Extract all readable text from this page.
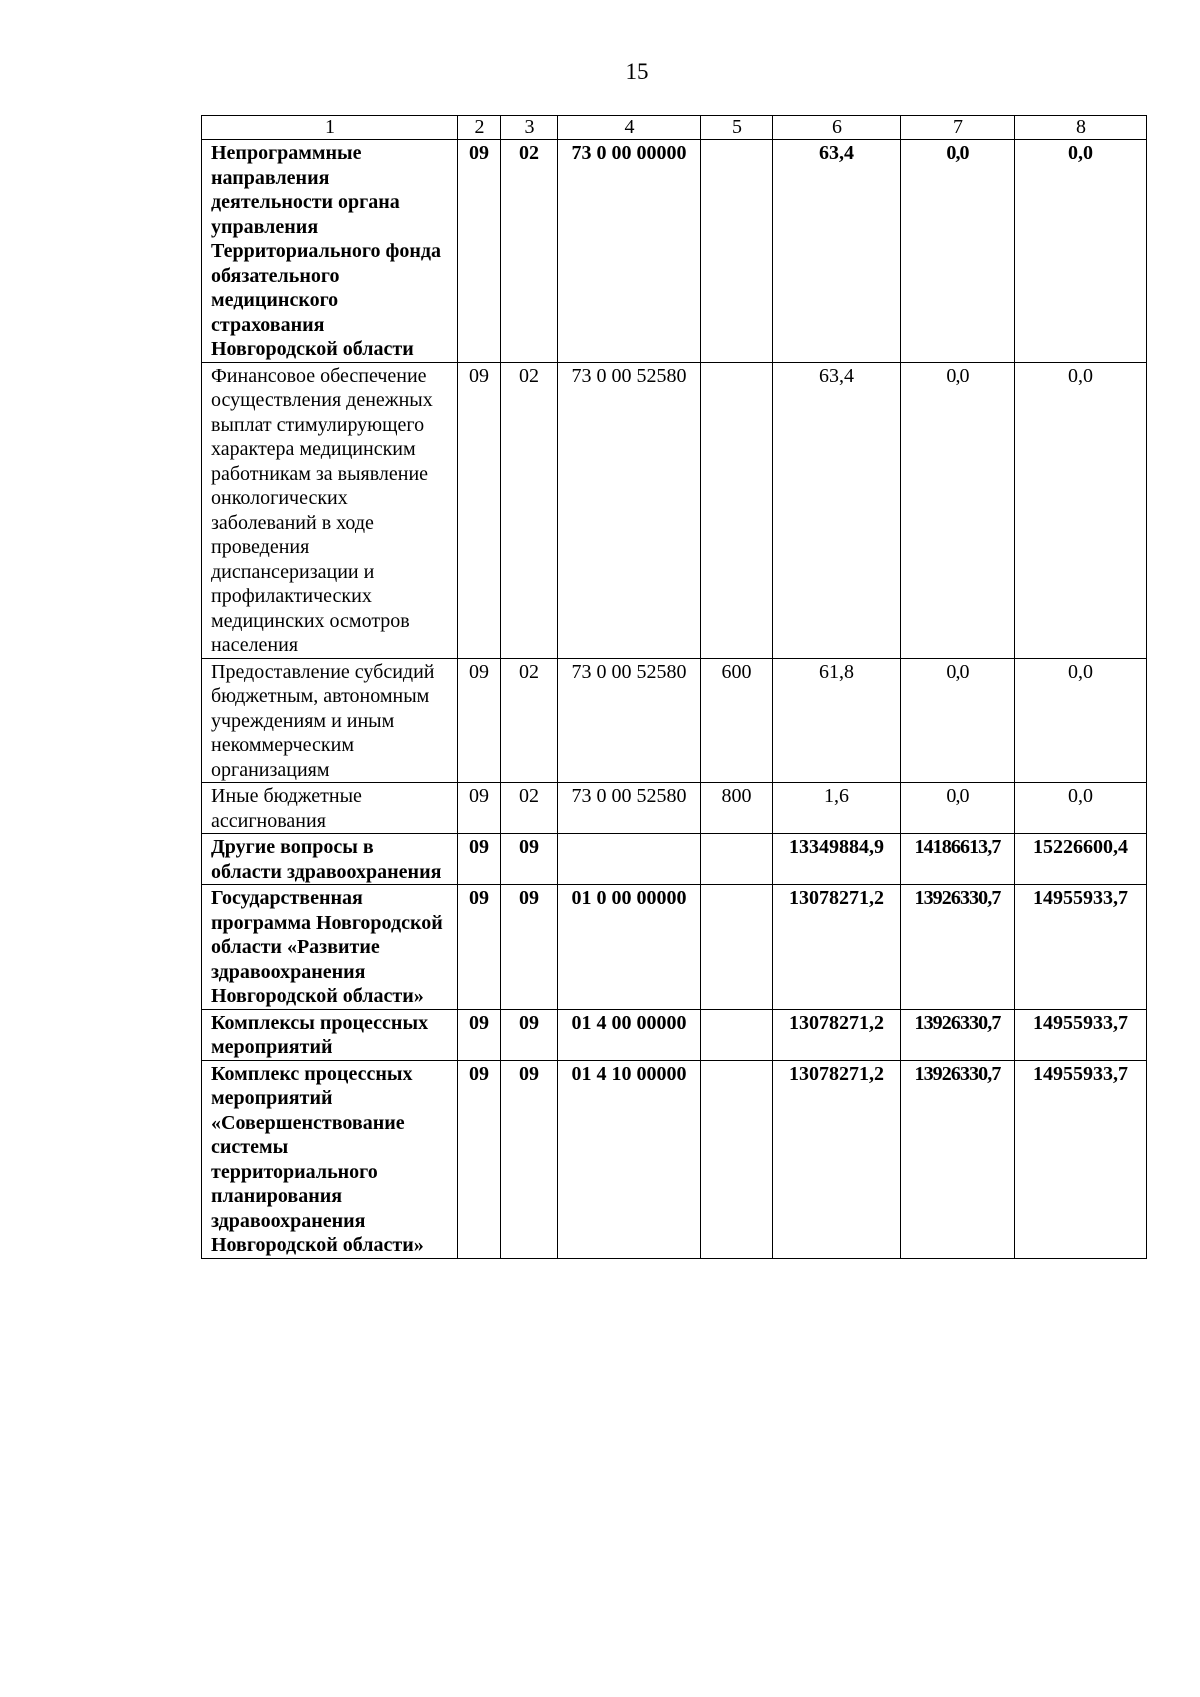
15
1	2	3	4	5	6	7	8
Непрограммные направления деятельности органа управления Территориального фонда обязательного медицинского страхования Новгородской области	09	02	73 0 00 00000		63,4	0,0	0,0
Финансовое обеспечение осуществления денежных выплат стимулирующего характера медицинским работникам за выявление онкологических заболеваний в ходе проведения диспансеризации и профилактических медицинских осмотров населения	09	02	73 0 00 52580		63,4	0,0	0,0
Предоставление субсидий бюджетным, автономным учреждениям и иным некоммерческим организациям	09	02	73 0 00 52580	600	61,8	0,0	0,0
Иные бюджетные ассигнования	09	02	73 0 00 52580	800	1,6	0,0	0,0
Другие вопросы в области здравоохранения	09	09			13349884,9	14186613,7	15226600,4
Государственная программа Новгородской области «Развитие здравоохранения Новгородской области»	09	09	01 0 00 00000		13078271,2	13926330,7	14955933,7
Комплексы процессных мероприятий	09	09	01 4 00 00000		13078271,2	13926330,7	14955933,7
Комплекс процессных мероприятий «Совершенствование системы территориального планирования здравоохранения Новгородской области»	09	09	01 4 10 00000		13078271,2	13926330,7	14955933,7
